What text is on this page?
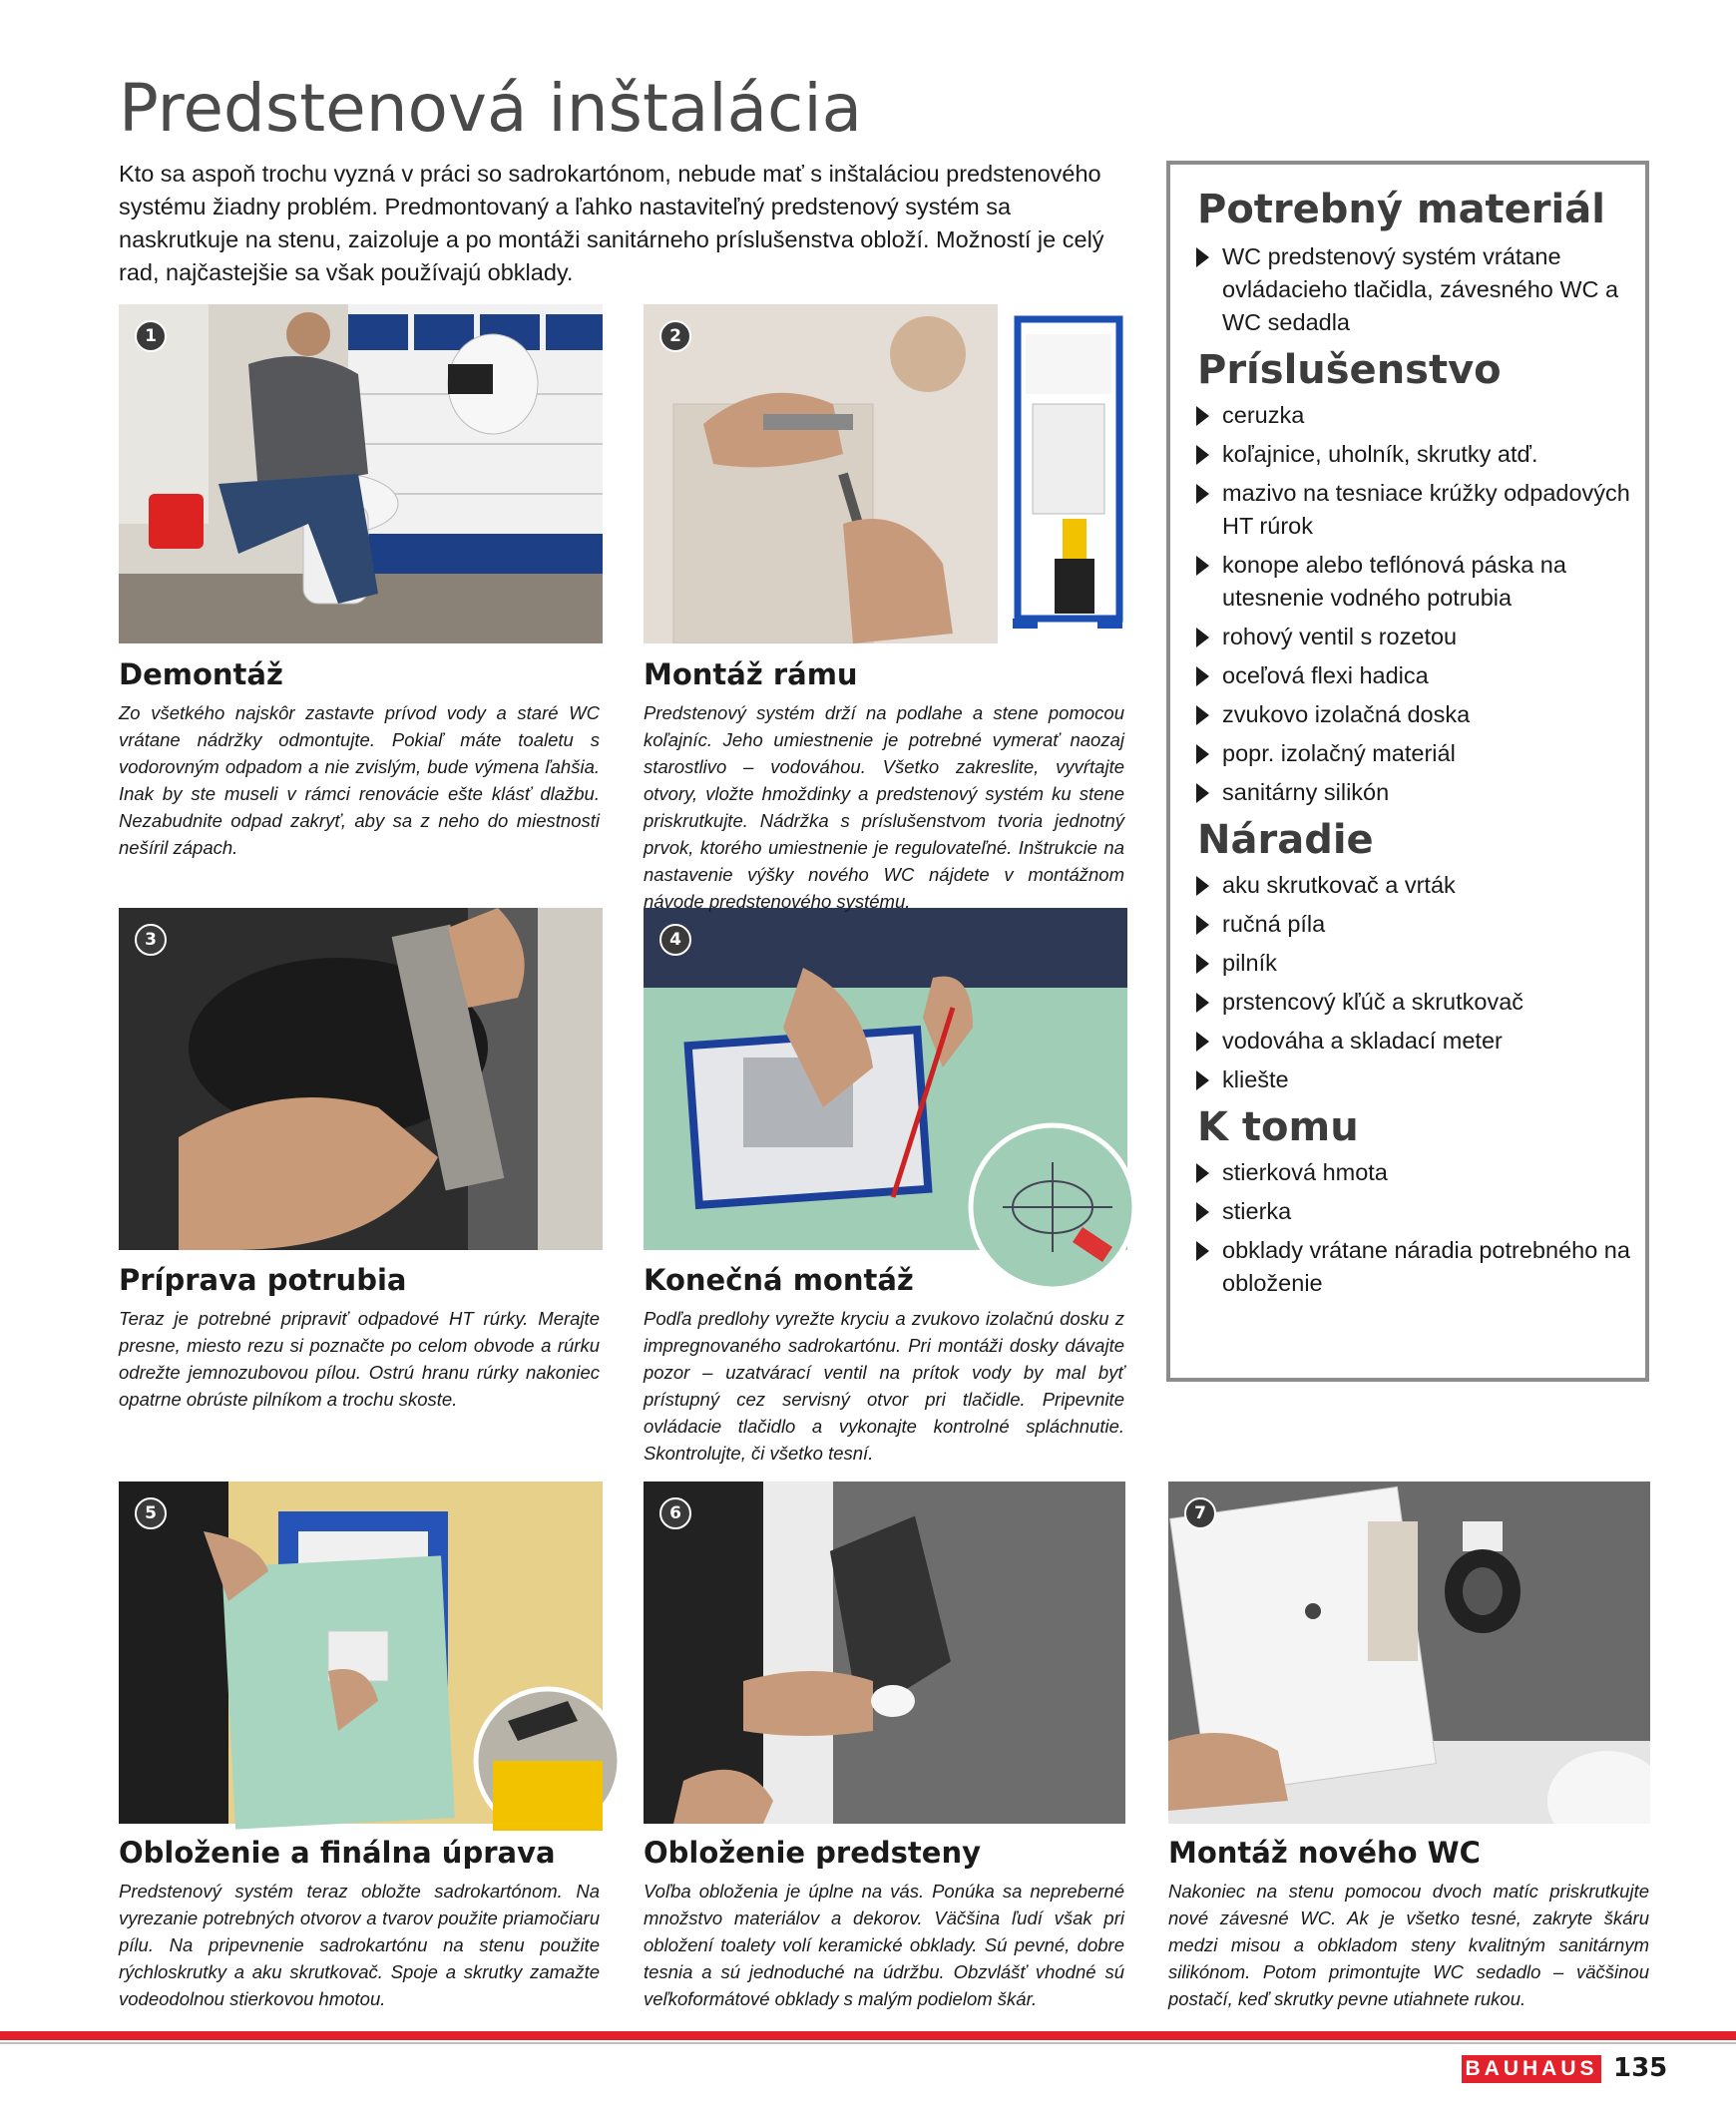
Predstenová inštalácia

Kto sa aspoň trochu vyzná v práci so sadrokartónom, nebude mať s inštaláciou predstenového systému žiadny problém. Predmontovaný a ľahko nastaviteľný predstenový systém sa naskrutkuje na stenu, zaizoluje a po montáži sanitárneho príslušenstva obloží. Možností je celý rad, najčastejšie sa však používajú obklady.

1	2
3	4
5	6	7
Demontáž

Zo všetkého najskôr zastavte prívod vody a staré WC vrátane nádržky odmontujte. Pokiaľ máte toaletu s vodorovným odpadom a nie zvislým, bude výmena ľahšia. Inak by ste museli v rámci renovácie ešte klásť dlažbu. Nezabudnite odpad zakryť, aby sa z neho do miestnosti nešíril zápach.

Montáž rámu

Predstenový systém drží na podlahe a stene pomocou koľajníc. Jeho umiestnenie je potrebné vymerať naozaj starostlivo – vodováhou. Všetko zakreslite, vyvŕtajte otvory, vložte hmoždinky a predstenový systém ku stene priskrutkujte. Nádržka s príslušenstvom tvoria jednotný prvok, ktorého umiestnenie je regulovateľné. Inštrukcie na nastavenie výšky nového WC nájdete v montážnom návode predstenového systému.

Príprava potrubia

Teraz je potrebné pripraviť odpadové HT rúrky. Merajte presne, miesto rezu si poznačte po celom obvode a rúrku odrežte jemnozubovou pílou. Ostrú hranu rúrky nakoniec opatrne obrúste pilníkom a trochu skoste.

Konečná montáž

Podľa predlohy vyrežte kryciu a zvukovo izolačnú dosku z impregnovaného sadrokartónu. Pri montáži dosky dávajte pozor – uzatvárací ventil na prítok vody by mal byť prístupný cez servisný otvor pri tlačidle. Pripevnite ovládacie tlačidlo a vykonajte kontrolné spláchnutie. Skontrolujte, či všetko tesní.

Obloženie a finálna úprava

Predstenový systém teraz obložte sadrokartónom. Na vyrezanie potrebných otvorov a tvarov použite priamočiaru pílu. Na pripevnenie sadrokartónu na stenu použite rýchloskrutky a aku skrutkovač. Spoje a skrutky zamažte vodeodolnou stierkovou hmotou.

Obloženie predsteny

Voľba obloženia je úplne na vás. Ponúka sa nepreberné množstvo materiálov a dekorov. Väčšina ľudí však pri obložení toalety volí keramické obklady. Sú pevné, dobre tesnia a sú jednoduché na údržbu. Obzvlášť vhodné sú veľkoformátové obklady s malým podielom škár.

Montáž nového WC

Nakoniec na stenu pomocou dvoch matíc priskrutkujte nové závesné WC. Ak je všetko tesné, zakryte škáru medzi misou a obkladom steny kvalitným sanitárnym silikónom. Potom primontujte WC sedadlo – väčšinou postačí, keď skrutky pevne utiahnete rukou.

Potrebný materiál
WC predstenový systém vrátane ovládacieho tlačidla, závesného WC a WC sedadla
Príslušenstvo
ceruzka
koľajnice, uholník, skrutky atď.
mazivo na tesniace krúžky odpadových HT rúrok
konope alebo teflónová páska na utesnenie vodného potrubia
rohový ventil s rozetou
oceľová flexi hadica
zvukovo izolačná doska
popr. izolačný materiál
sanitárny silikón
Náradie
aku skrutkovač a vrták
ručná píla
pilník
prstencový kľúč a skrutkovač
vodováha a skladací meter
kliešte
K tomu
stierková hmota
stierka
obklady vrátane náradia potrebného na obloženie
BAUHAUS 135
